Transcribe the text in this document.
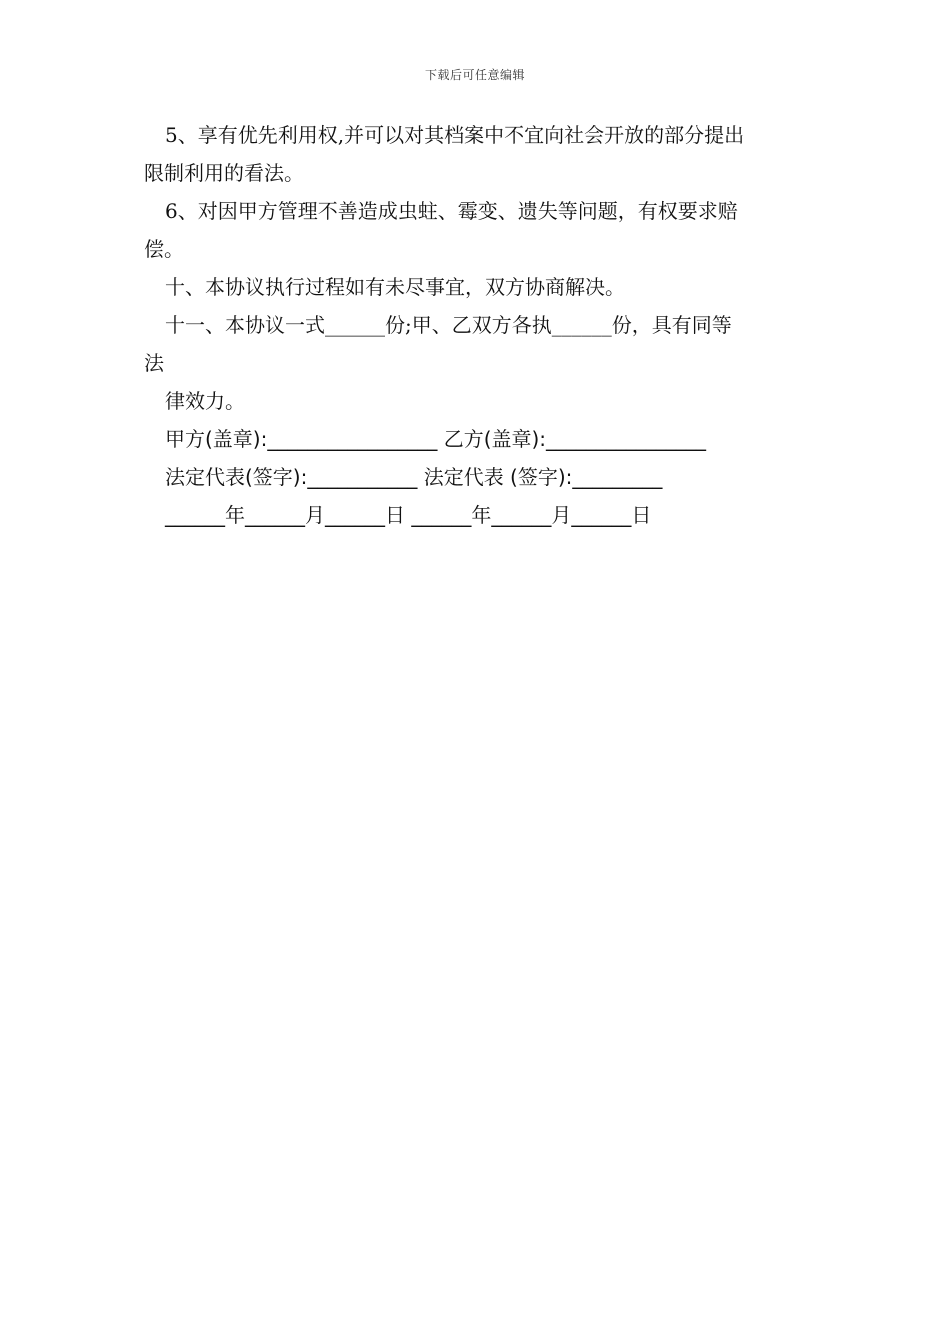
下载后可任意编辑

5、享有优先利用权,并可以对其档案中不宜向社会开放的部分提出

限制利用的看法。

6、对因甲方管理不善造成虫蛀、霉变、遗失等问题，有权要求赔

偿。

十、本协议执行过程如有未尽事宜，双方协商解决。

十一、本协议一式______份;甲、乙双方各执______份，具有同等

法

律效力。

甲方(盖章):_________________ 乙方(盖章):________________

法定代表(签字):___________ 法定代表 (签字):_________

______年______月______日 ______年______月______日
